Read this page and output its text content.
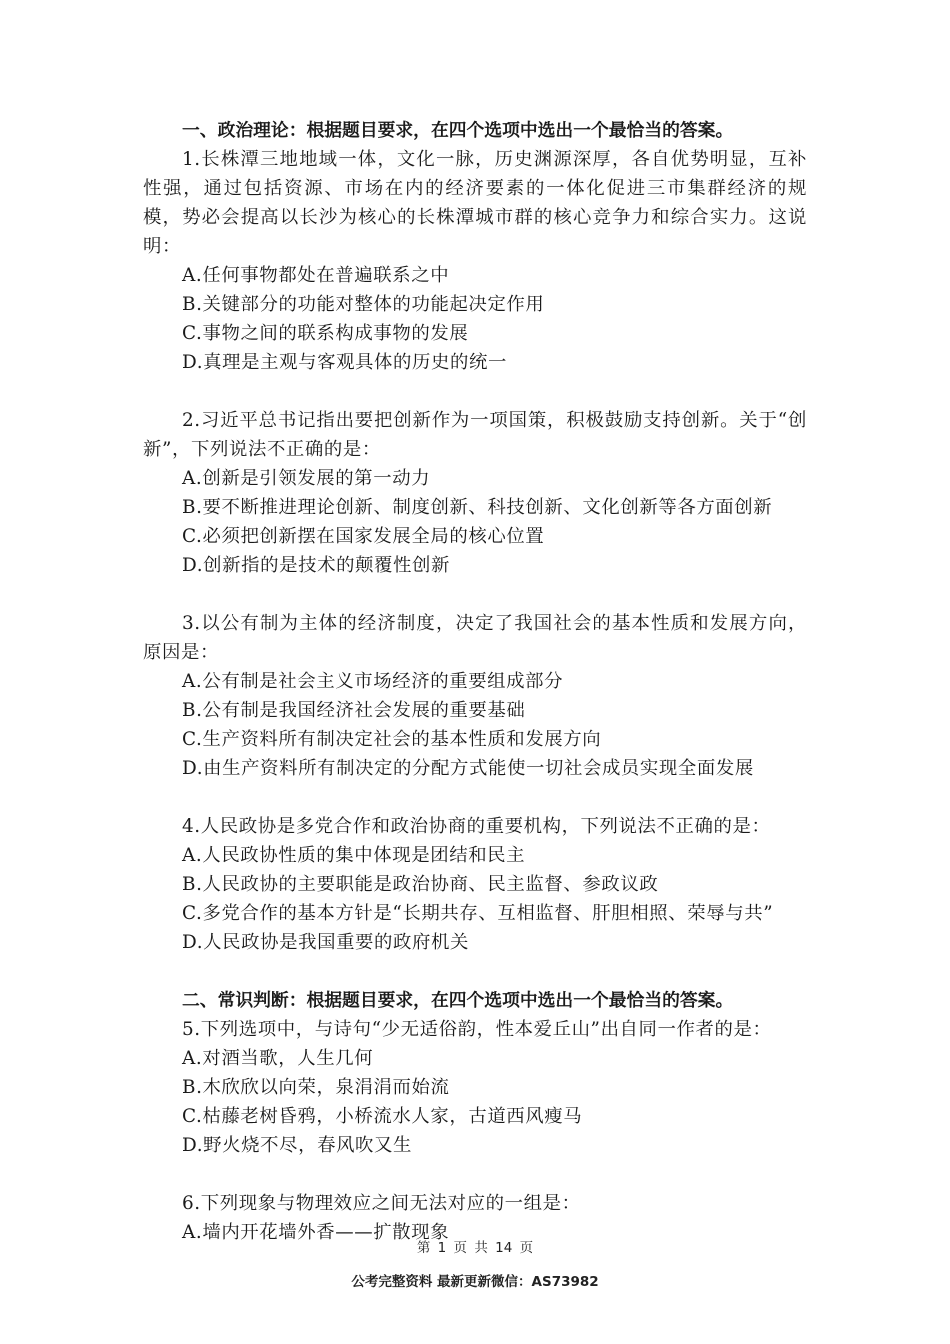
一、政治理论：根据题目要求，在四个选项中选出一个最恰当的答案。
1.长株潭三地地域一体，文化一脉，历史渊源深厚，各自优势明显，互补性强，通过包括资源、市场在内的经济要素的一体化促进三市集群经济的规模，势必会提高以长沙为核心的长株潭城市群的核心竞争力和综合实力。这说明：
A.任何事物都处在普遍联系之中
B.关键部分的功能对整体的功能起决定作用
C.事物之间的联系构成事物的发展
D.真理是主观与客观具体的历史的统一
2.习近平总书记指出要把创新作为一项国策，积极鼓励支持创新。关于“创新”，下列说法不正确的是：
A.创新是引领发展的第一动力
B.要不断推进理论创新、制度创新、科技创新、文化创新等各方面创新
C.必须把创新摆在国家发展全局的核心位置
D.创新指的是技术的颠覆性创新
3.以公有制为主体的经济制度，决定了我国社会的基本性质和发展方向，原因是：
A.公有制是社会主义市场经济的重要组成部分
B.公有制是我国经济社会发展的重要基础
C.生产资料所有制决定社会的基本性质和发展方向
D.由生产资料所有制决定的分配方式能使一切社会成员实现全面发展
4.人民政协是多党合作和政治协商的重要机构，下列说法不正确的是：
A.人民政协性质的集中体现是团结和民主
B.人民政协的主要职能是政治协商、民主监督、参政议政
C.多党合作的基本方针是“长期共存、互相监督、肝胆相照、荣辱与共”
D.人民政协是我国重要的政府机关
二、常识判断：根据题目要求，在四个选项中选出一个最恰当的答案。
5.下列选项中，与诗句“少无适俗韵，性本爱丘山”出自同一作者的是：
A.对酒当歌，人生几何
B.木欣欣以向荣，泉涓涓而始流
C.枯藤老树昏鸦，小桥流水人家，古道西风瘦马
D.野火烧不尽，春风吹又生
6.下列现象与物理效应之间无法对应的一组是：
A.墙内开花墙外香——扩散现象
第 1 页 共 14 页
公考完整资料 最新更新微信：AS73982
